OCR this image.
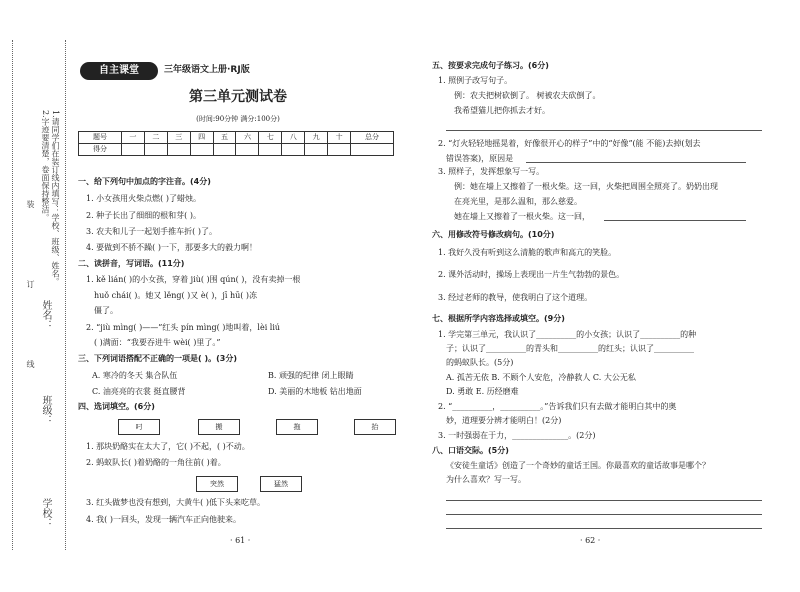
1.请同学们在装订线内填写：学校、班级、姓名。
2.字迹要清楚，卷面保持整洁。
姓名：
班级：
学校：
装
订
线
自主课堂	三年级语文上册·RJ版
第三单元测试卷
(时间:90分钟 满分:100分)
题号	一	二	三	四	五	六	七	八	九	十	总分
得分											
一、给下列句中加点的字注音。(4分)
1. 小女孩用火柴点燃( )了蜡烛。
2. 种子长出了细细的根和芽( )。
3. 农夫和儿子一起划手推车折( )了。
4. 要做到不骄不躁( )一下，那要多大的毅力啊！
二、读拼音，写词语。(11分)
1. kě lián( )的小女孩，穿着 jiù( )围 qún( )，没有卖掉一根
huǒ chái( )。她又 lěng( )又 è( )，jī hū( )冻
僵了。
2. “jiù mìng( )——”红头 pín mìng( )地叫着，lèi liú
( )满面：“我要吞进牛 wèi( )里了。”
三、下列词语搭配不正确的一项是( )。(3分)
A. 寒冷的冬天 集合队伍	B. 顽强的纪律 闭上眼睛
C. 油亮亮的衣裳 挺直腰背	D. 美丽的木地板 钻出地面
四、选词填空。(6分)
叼	搬	拖	抬
1. 那块奶酪实在太大了，它( )不起，( )不动。
2. 蚂蚁队长( )着奶酪的一角往前( )着。
突然	猛然
3. 红头做梦也没有想到，大黄牛( )低下头来吃草。
4. 我( )一回头，发现一辆汽车正向他驶来。
· 61 ·
五、按要求完成句子练习。(6分)
1. 照例子改写句子。
例：农夫把树砍倒了。 树被农夫砍倒了。
我希望猫儿把你抓去才好。
2. “灯火轻轻地摇晃着，好像很开心的样子”中的“好像”(能 不能)去掉(划去
错误答案)，原因是
3. 照样子，发挥想象写一写。
例：她在墙上又擦着了一根火柴。这一回，火柴把周围全照亮了。奶奶出现
在亮光里，是那么温和，那么慈爱。
她在墙上又擦着了一根火柴。这一回，
六、用修改符号修改病句。(10分)
1. 我好久没有听到这么清脆的歌声和高亢的笑脸。
2. 课外活动时，操场上表现出一片生气勃勃的景色。
3. 经过老师的教导，使我明白了这个道理。
七、根据所学内容选择或填空。(9分)
1. 学完第三单元，我认识了__________的小女孩；认识了__________的种
子；认识了__________的青头和__________的红头；认识了__________
的蚂蚁队长。(5分)
A. 孤苦无依 B. 不顾个人安危，冷静救人 C. 大公无私
D. 勇敢 E. 历经磨难
2. “__________，__________。”告诉我们只有去做才能明白其中的奥
妙，道理要分辨才能明白！(2分)
3. 一时强弱在于力，______________。(2分)
八、口语交际。(5分)
《安徒生童话》创造了一个奇妙的童话王国。你最喜欢的童话故事是哪个？
为什么喜欢？写一写。
· 62 ·
